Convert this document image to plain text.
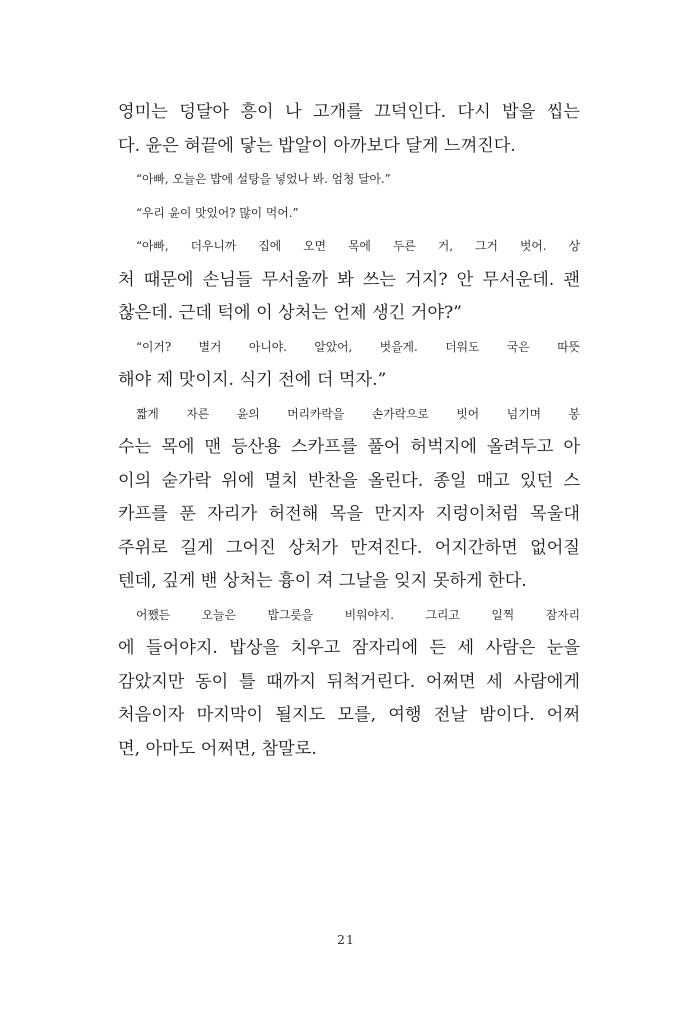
영미는 덩달아 흥이 나 고개를 끄덕인다. 다시 밥을 씹는
다. 윤은 혀끝에 닿는 밥알이 아까보다 달게 느껴진다.
“아빠, 오늘은 밥에 설탕을 넣었나 봐. 엄청 달아.”
“우리 윤이 맛있어? 많이 먹어.”
“아빠, 더우니까 집에 오면 목에 두른 거, 그거 벗어. 상
처 때문에 손님들 무서울까 봐 쓰는 거지? 안 무서운데. 괜
찮은데. 근데 턱에 이 상처는 언제 생긴 거야?”
“이거? 별거 아니야. 알았어, 벗을게. 더워도 국은 따뜻
해야 제 맛이지. 식기 전에 더 먹자.”
짧게 자른 윤의 머리카락을 손가락으로 빗어 넘기며 봉
수는 목에 맨 등산용 스카프를 풀어 허벅지에 올려두고 아
이의 숟가락 위에 멸치 반찬을 올린다. 종일 매고 있던 스
카프를 푼 자리가 허전해 목을 만지자 지렁이처럼 목울대
주위로 길게 그어진 상처가 만져진다. 어지간하면 없어질
텐데, 깊게 밴 상처는 흉이 져 그날을 잊지 못하게 한다.
어쨌든 오늘은 밥그릇을 비워야지. 그리고 일찍 잠자리
에 들어야지. 밥상을 치우고 잠자리에 든 세 사람은 눈을
감았지만 동이 틀 때까지 뒤척거린다. 어쩌면 세 사람에게
처음이자 마지막이 될지도 모를, 여행 전날 밤이다. 어쩌
면, 아마도 어쩌면, 참말로.
21
